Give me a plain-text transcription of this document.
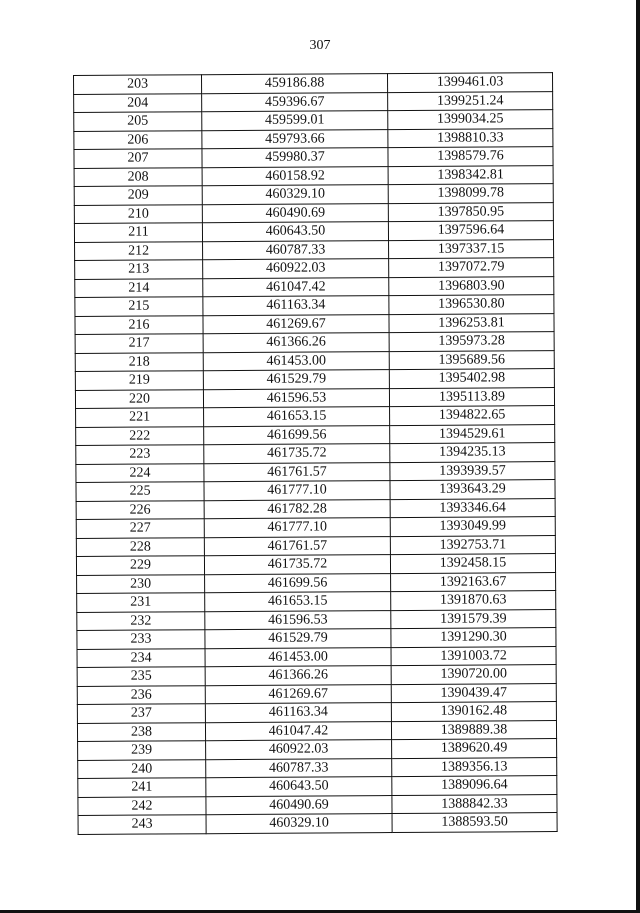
307
203	459186.88	1399461.03
204	459396.67	1399251.24
205	459599.01	1399034.25
206	459793.66	1398810.33
207	459980.37	1398579.76
208	460158.92	1398342.81
209	460329.10	1398099.78
210	460490.69	1397850.95
211	460643.50	1397596.64
212	460787.33	1397337.15
213	460922.03	1397072.79
214	461047.42	1396803.90
215	461163.34	1396530.80
216	461269.67	1396253.81
217	461366.26	1395973.28
218	461453.00	1395689.56
219	461529.79	1395402.98
220	461596.53	1395113.89
221	461653.15	1394822.65
222	461699.56	1394529.61
223	461735.72	1394235.13
224	461761.57	1393939.57
225	461777.10	1393643.29
226	461782.28	1393346.64
227	461777.10	1393049.99
228	461761.57	1392753.71
229	461735.72	1392458.15
230	461699.56	1392163.67
231	461653.15	1391870.63
232	461596.53	1391579.39
233	461529.79	1391290.30
234	461453.00	1391003.72
235	461366.26	1390720.00
236	461269.67	1390439.47
237	461163.34	1390162.48
238	461047.42	1389889.38
239	460922.03	1389620.49
240	460787.33	1389356.13
241	460643.50	1389096.64
242	460490.69	1388842.33
243	460329.10	1388593.50
